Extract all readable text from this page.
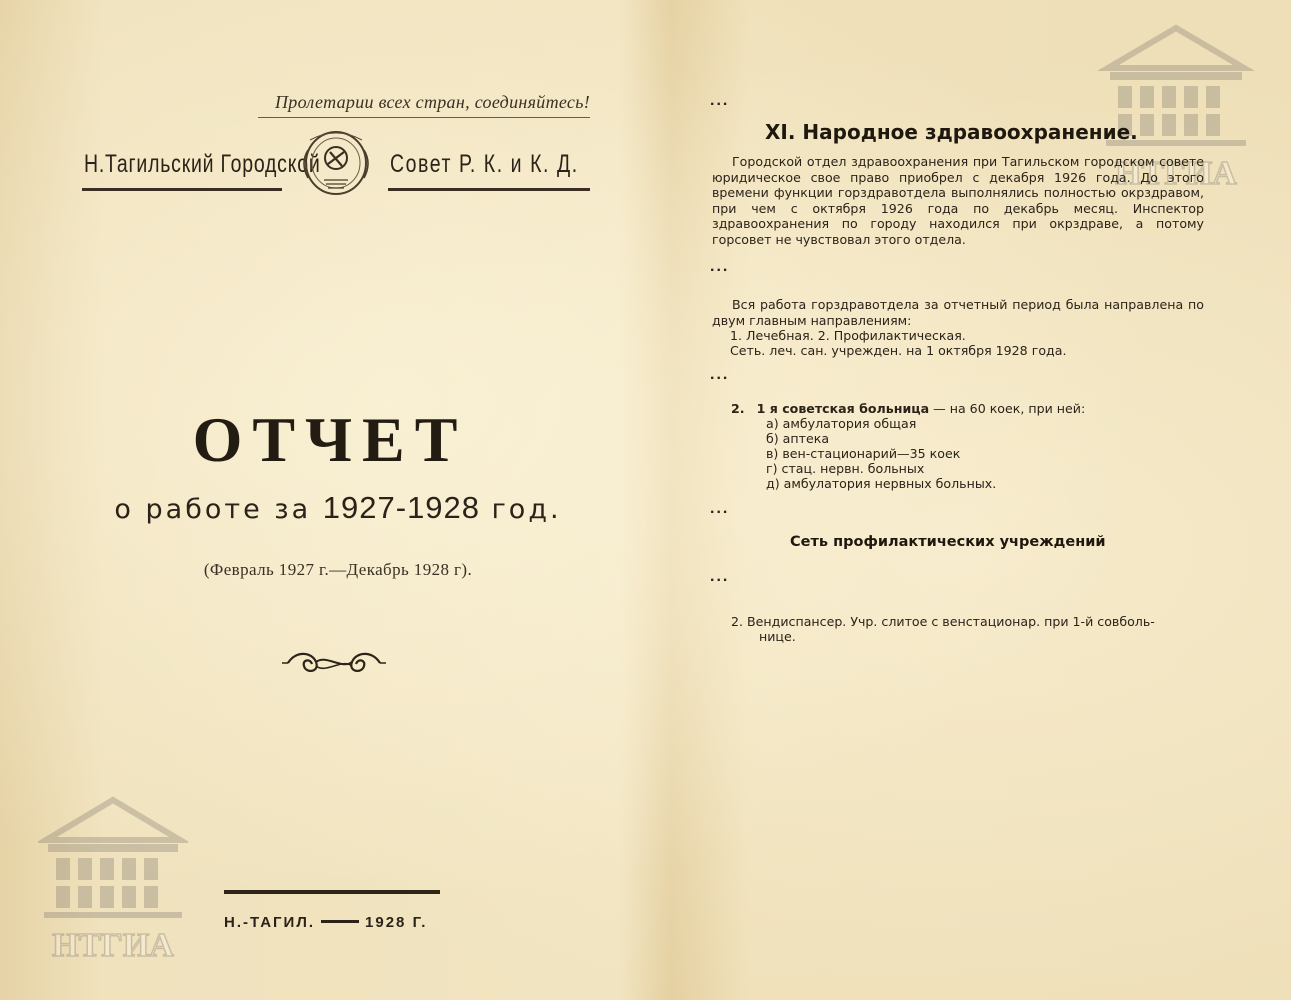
Пролетарии всех стран, соединяйтесь!
Н.Тагильский Городской	Совет Р. К. и К. Д.
ОТЧЕТ
о работе за 1927-1928 год.
(Февраль 1927 г.—Декабрь 1928 г).
Н.-ТАГИЛ.	1928 Г.
НТГИА
НТГИА
...
XI. Народное здравоохранение.
Городской отдел здравоохранения при Тагильском городском совете юридическое свое право приобрел с декабря 1926 года. До этого времени функции горздравотдела выполнялись полностью окрздравом, при чем с октября 1926 года по декабрь месяц. Инспектор здравоохранения по городу находился при окрздраве, а потому горсовет не чувствовал этого отдела.
...
Вся работа горздравотдела за отчетный период была направлена по двум главным направлениям:
1. Лечебная. 2. Профилактическая.
Сеть. леч. сан. учрежден. на 1 октября 1928 года.
...
2. 1 я советская больница — на 60 коек, при ней:
а) амбулатория общая
б) аптека
в) вен-стационарий—35 коек
г) стац. нервн. больных
д) амбулатория нервных больных.
...
Сеть профилактических учреждений
...
2. Вендиспансер. Учр. слитое с венстационар. при 1-й совболь-
нице.
